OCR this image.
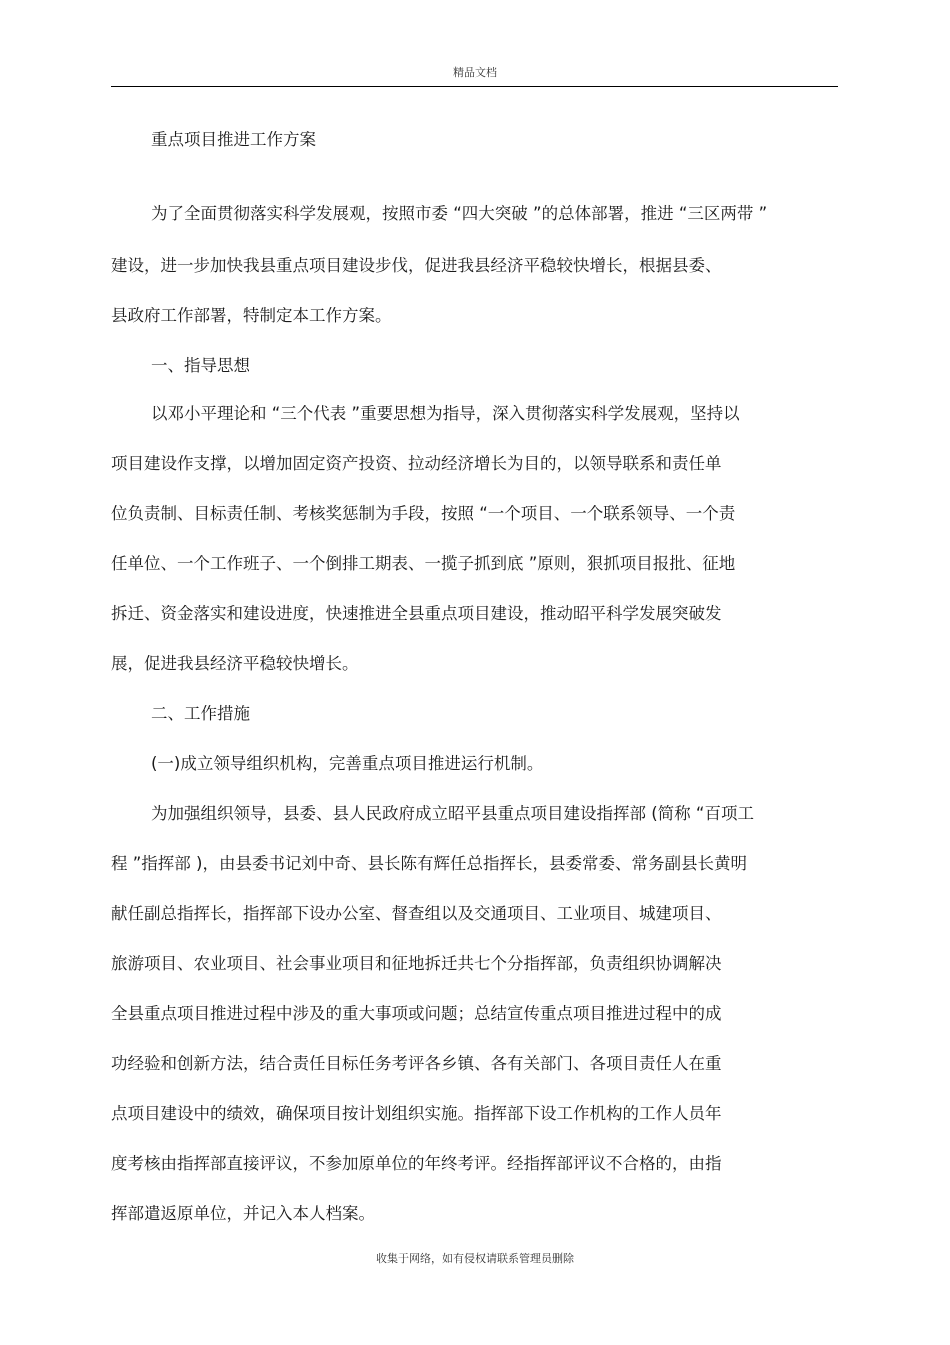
精品文档
重点项目推进工作方案
为了全面贯彻落实科学发展观，按照市委 “四大突破 ”的总体部署，推进 “三区两带 ”
建设，进一步加快我县重点项目建设步伐，促进我县经济平稳较快增长，根据县委、
县政府工作部署，特制定本工作方案。
一、指导思想
以邓小平理论和 “三个代表 ”重要思想为指导，深入贯彻落实科学发展观，坚持以
项目建设作支撑，以增加固定资产投资、拉动经济增长为目的，以领导联系和责任单
位负责制、目标责任制、考核奖惩制为手段，按照 “一个项目、一个联系领导、一个责
任单位、一个工作班子、一个倒排工期表、一揽子抓到底 ”原则，狠抓项目报批、征地
拆迁、资金落实和建设进度，快速推进全县重点项目建设，推动昭平科学发展突破发
展，促进我县经济平稳较快增长。
二、工作措施
(一)成立领导组织机构，完善重点项目推进运行机制。
为加强组织领导，县委、县人民政府成立昭平县重点项目建设指挥部 (简称 “百项工
程 ”指挥部 )，由县委书记刘中奇、县长陈有辉任总指挥长，县委常委、常务副县长黄明
献任副总指挥长，指挥部下设办公室、督查组以及交通项目、工业项目、城建项目、
旅游项目、农业项目、社会事业项目和征地拆迁共七个分指挥部，负责组织协调解决
全县重点项目推进过程中涉及的重大事项或问题；总结宣传重点项目推进过程中的成
功经验和创新方法，结合责任目标任务考评各乡镇、各有关部门、各项目责任人在重
点项目建设中的绩效，确保项目按计划组织实施。指挥部下设工作机构的工作人员年
度考核由指挥部直接评议，不参加原单位的年终考评。经指挥部评议不合格的，由指
挥部遣返原单位，并记入本人档案。
收集于网络，如有侵权请联系管理员删除
